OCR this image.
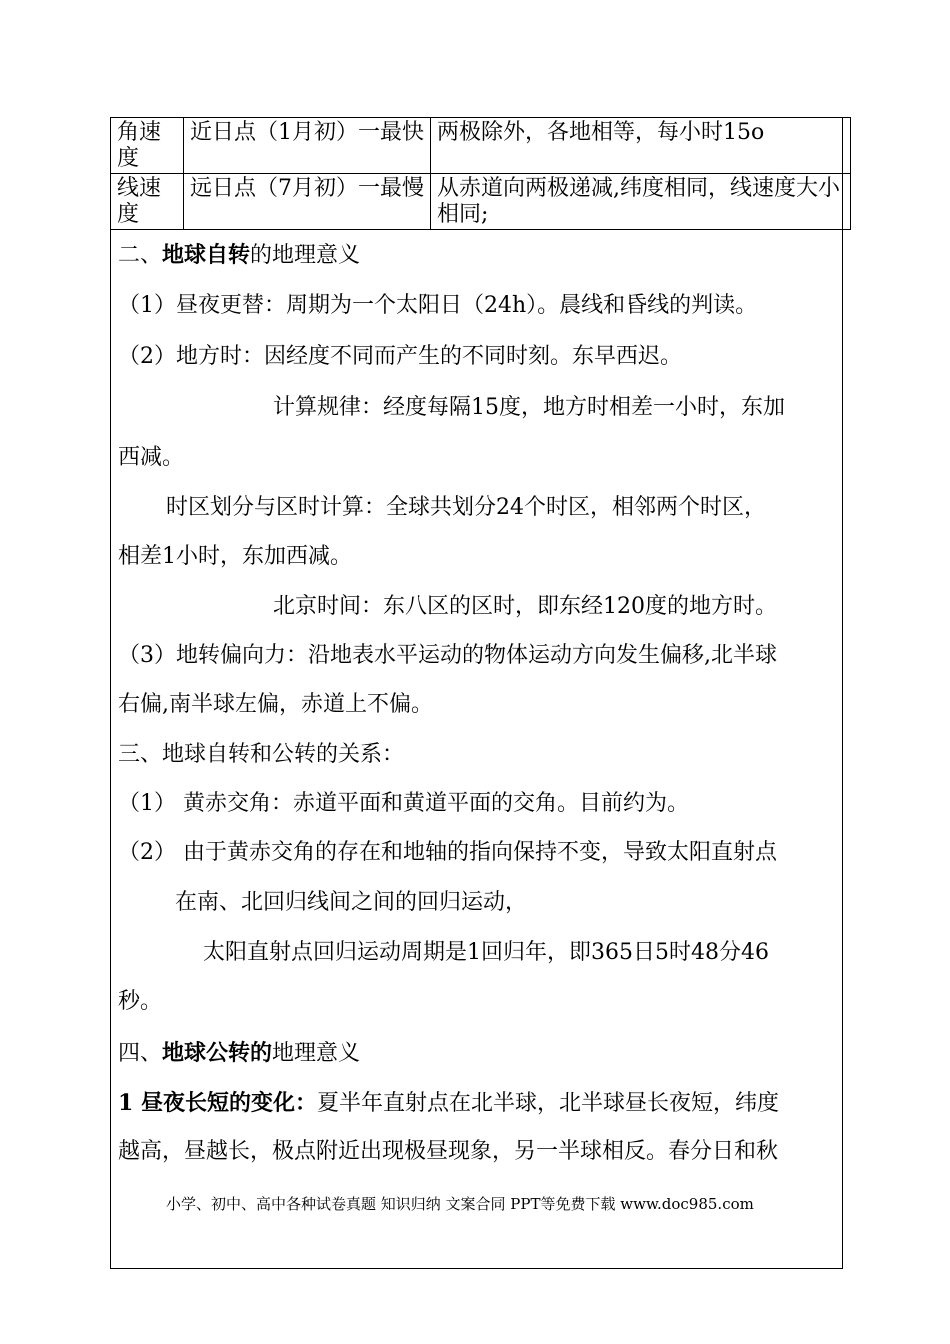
角速度	近日点（1月初）一最快	两极除外，各地相等，每小时15o
线速度	远日点（7月初）一最慢	从赤道向两极递减,纬度相同，线速度大小相同;
二、地球自转的地理意义
（1）昼夜更替：周期为一个太阳日（24h）。晨线和昏线的判读。
（2）地方时：因经度不同而产生的不同时刻。东早西迟。
计算规律：经度每隔15度，地方时相差一小时，东加
西减。
时区划分与区时计算：全球共划分24个时区，相邻两个时区，
相差1小时，东加西减。
北京时间：东八区的区时，即东经120度的地方时。
（3）地转偏向力：沿地表水平运动的物体运动方向发生偏移,北半球
右偏,南半球左偏，赤道上不偏。
三、地球自转和公转的关系：
（1） 黄赤交角：赤道平面和黄道平面的交角。目前约为。
（2） 由于黄赤交角的存在和地轴的指向保持不变，导致太阳直射点
在南、北回归线间之间的回归运动，
太阳直射点回归运动周期是1回归年，即365日5时48分46
秒。
四、地球公转的地理意义
1 昼夜长短的变化：夏半年直射点在北半球，北半球昼长夜短，纬度
越高，昼越长，极点附近出现极昼现象，另一半球相反。春分日和秋
小学、初中、高中各种试卷真题 知识归纳 文案合同 PPT等免费下载 www.doc985.com
